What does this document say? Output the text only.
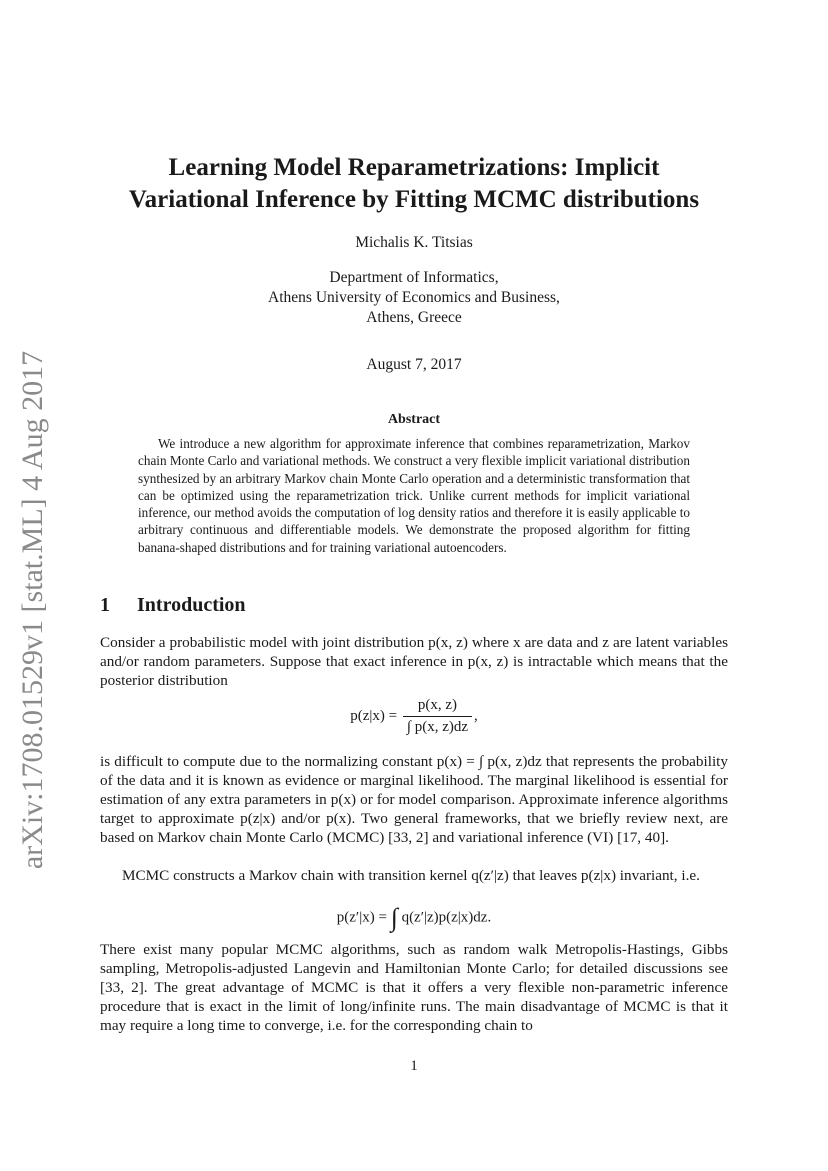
arXiv:1708.01529v1 [stat.ML] 4 Aug 2017
Learning Model Reparametrizations: Implicit
Variational Inference by Fitting MCMC distributions
Michalis K. Titsias
Department of Informatics,
Athens University of Economics and Business,
Athens, Greece
August 7, 2017
Abstract
We introduce a new algorithm for approximate inference that combines reparametrization, Markov chain Monte Carlo and variational methods. We construct a very flexible implicit variational distribution synthesized by an arbitrary Markov chain Monte Carlo operation and a deterministic transformation that can be optimized using the reparametrization trick. Unlike current methods for implicit variational inference, our method avoids the computation of log density ratios and therefore it is easily applicable to arbitrary continuous and differentiable models. We demonstrate the proposed algorithm for fitting banana-shaped distributions and for training variational autoencoders.
1 Introduction
Consider a probabilistic model with joint distribution p(x, z) where x are data and z are latent variables and/or random parameters. Suppose that exact inference in p(x, z) is intractable which means that the posterior distribution
$p(z|x) = \frac{p(x, z)}{\int p(x, z)dz}$ ,
is difficult to compute due to the normalizing constant p(x) = ∫ p(x, z)dz that represents the probability of the data and it is known as evidence or marginal likelihood. The marginal likelihood is essential for estimation of any extra parameters in p(x) or for model comparison. Approximate inference algorithms target to approximate p(z|x) and/or p(x). Two general frameworks, that we briefly review next, are based on Markov chain Monte Carlo (MCMC) [33, 2] and variational inference (VI) [17, 40].
MCMC constructs a Markov chain with transition kernel q(z′|z) that leaves p(z|x) invariant, i.e.
p(z′|x) = ∫ q(z′|z)p(z|x)dz.
There exist many popular MCMC algorithms, such as random walk Metropolis-Hastings, Gibbs sampling, Metropolis-adjusted Langevin and Hamiltonian Monte Carlo; for detailed discussions see [33, 2]. The great advantage of MCMC is that it offers a very flexible non-parametric inference procedure that is exact in the limit of long/infinite runs. The main disadvantage of MCMC is that it may require a long time to converge, i.e. for the corresponding chain to
1
